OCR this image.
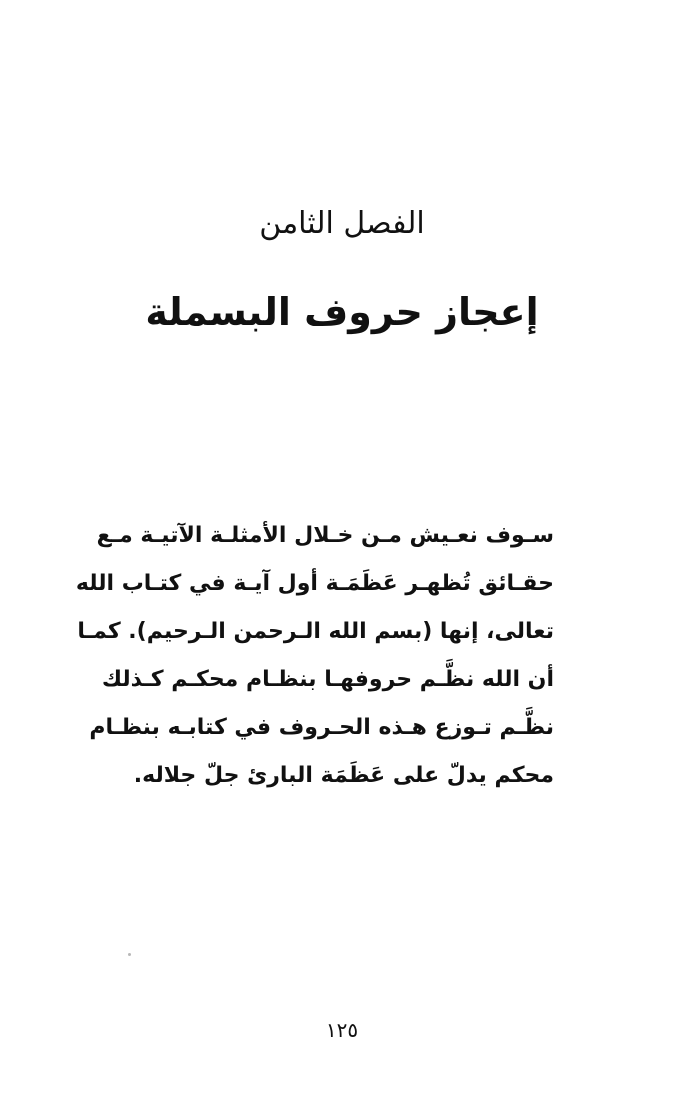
الفصل الثامن
إعجاز حروف البسملة
سـوف نعـيش مـن خـلال الأمثلـة الآتيـة مـع
حقـائق تُظهـر عَظَمَـة أول آيـة في كتـاب الله
تعالى، إنها (بسم الله الـرحمن الـرحيم). كمـا
أن الله نظَّـم حروفهـا بنظـام محكـم كـذلك
نظَّـم تـوزع هـذه الحـروف في كتابـه بنظـام
محكم يدلّ على عَظَمَة البارئ جلّ جلاله.
١٢٥
